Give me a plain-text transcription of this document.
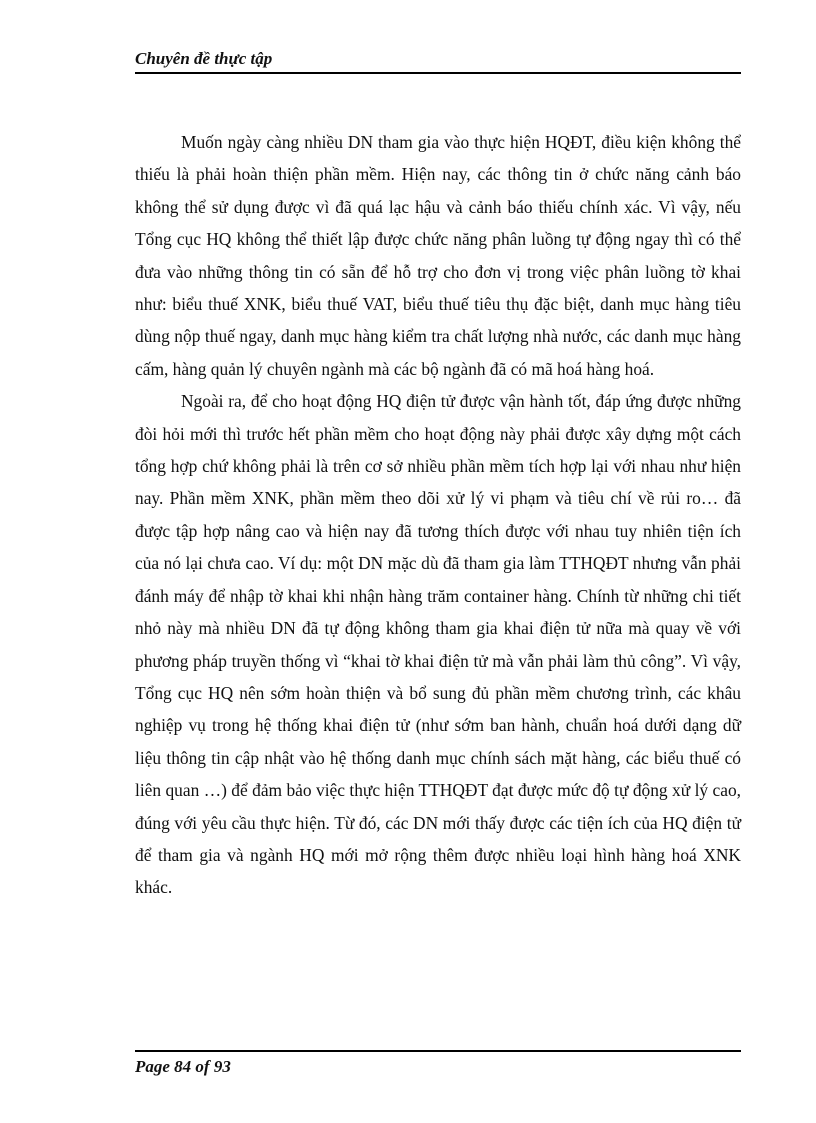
Chuyên đề thực tập

Muốn ngày càng nhiều DN tham gia vào thực hiện HQĐT, điều kiện không thể thiếu là phải hoàn thiện phần mềm. Hiện nay, các thông tin ở chức năng cảnh báo không thể sử dụng được vì đã quá lạc hậu và cảnh báo thiếu chính xác. Vì vậy, nếu Tổng cục HQ không thể thiết lập được chức năng phân luồng tự động ngay thì có thể đưa vào những thông tin có sẵn để hỗ trợ cho đơn vị trong việc phân luồng tờ khai như: biểu thuế XNK, biểu thuế VAT, biểu thuế tiêu thụ đặc biệt, danh mục hàng tiêu dùng nộp thuế ngay, danh mục hàng kiểm tra chất lượng nhà nước, các danh mục hàng cấm, hàng quản lý chuyên ngành mà các bộ ngành đã có mã hoá hàng hoá.

Ngoài ra, để cho hoạt động HQ điện tử được vận hành tốt, đáp ứng được những đòi hỏi mới thì trước hết phần mềm cho hoạt động này phải được xây dựng một cách tổng hợp chứ không phải là trên cơ sở nhiều phần mềm tích hợp lại với nhau như hiện nay. Phần mềm XNK, phần mềm theo dõi xử lý vi phạm và tiêu chí về rủi ro… đã được tập hợp nâng cao và hiện nay đã tương thích được với nhau tuy nhiên tiện ích của nó lại chưa cao. Ví dụ: một DN mặc dù đã tham gia làm TTHQĐT nhưng vẫn phải đánh máy để nhập tờ khai khi nhận hàng trăm container hàng. Chính từ những chi tiết nhỏ này mà nhiều DN đã tự động không tham gia khai điện tử nữa mà quay về với phương pháp truyền thống vì “khai tờ khai điện tử mà vẫn phải làm thủ công”. Vì vậy, Tổng cục HQ nên sớm hoàn thiện và bổ sung đủ phần mềm chương trình, các khâu nghiệp vụ trong hệ thống khai điện tử (như sớm ban hành, chuẩn hoá dưới dạng dữ liệu thông tin cập nhật vào hệ thống danh mục chính sách mặt hàng, các biểu thuế có liên quan …) để đảm bảo việc thực hiện TTHQĐT đạt được mức độ tự động xử lý cao, đúng với yêu cầu thực hiện. Từ đó, các DN mới thấy được các tiện ích của HQ điện tử để tham gia và ngành HQ mới mở rộng thêm được nhiều loại hình hàng hoá XNK khác.

Page 84 of 93
